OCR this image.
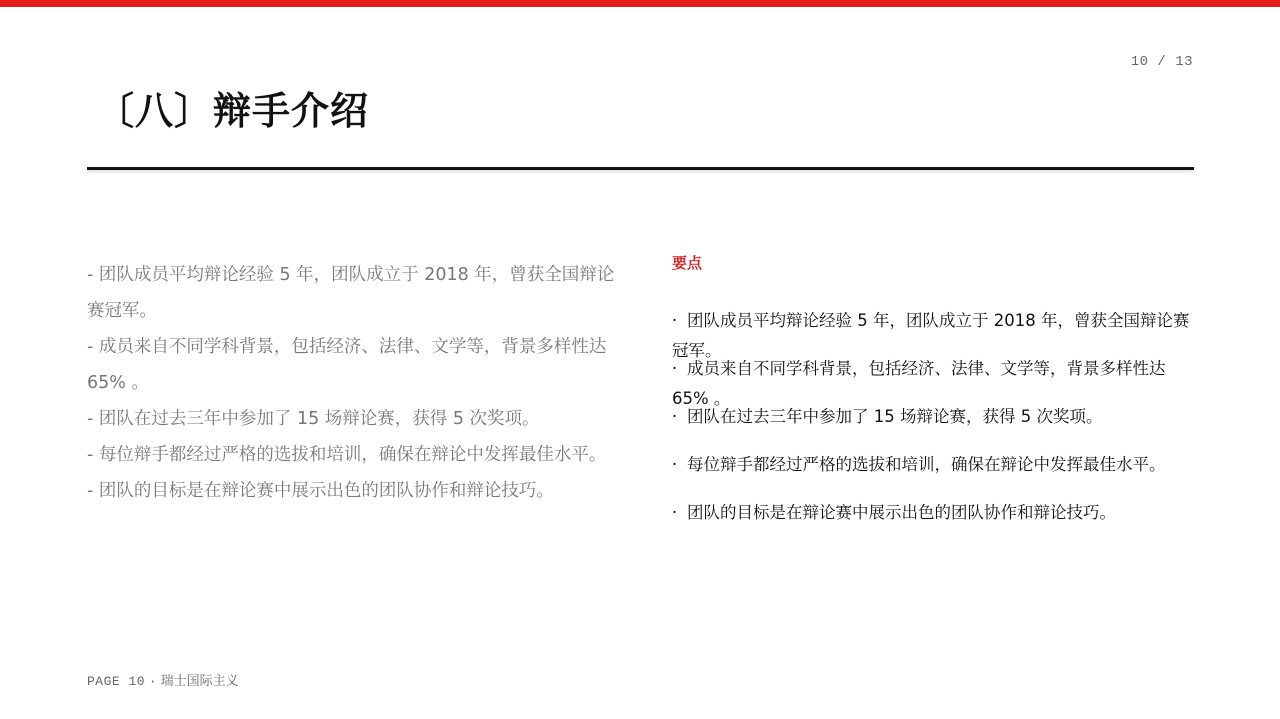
10 / 13
〔八〕辩手介绍

- 团队成员平均辩论经验 5 年，团队成立于 2018 年，曾获全国辩论赛冠军。

- 成员来自不同学科背景，包括经济、法律、文学等，背景多样性达 65% 。

- 团队在过去三年中参加了 15 场辩论赛，获得 5 次奖项。

- 每位辩手都经过严格的选拔和培训，确保在辩论中发挥最佳水平。

- 团队的目标是在辩论赛中展示出色的团队协作和辩论技巧。

要点
· 团队成员平均辩论经验 5 年，团队成立于 2018 年，曾获全国辩论赛冠军。
· 成员来自不同学科背景，包括经济、法律、文学等，背景多样性达 65% 。
· 团队在过去三年中参加了 15 场辩论赛，获得 5 次奖项。
· 每位辩手都经过严格的选拔和培训，确保在辩论中发挥最佳水平。
· 团队的目标是在辩论赛中展示出色的团队协作和辩论技巧。
PAGE 10 · 瑞士国际主义
